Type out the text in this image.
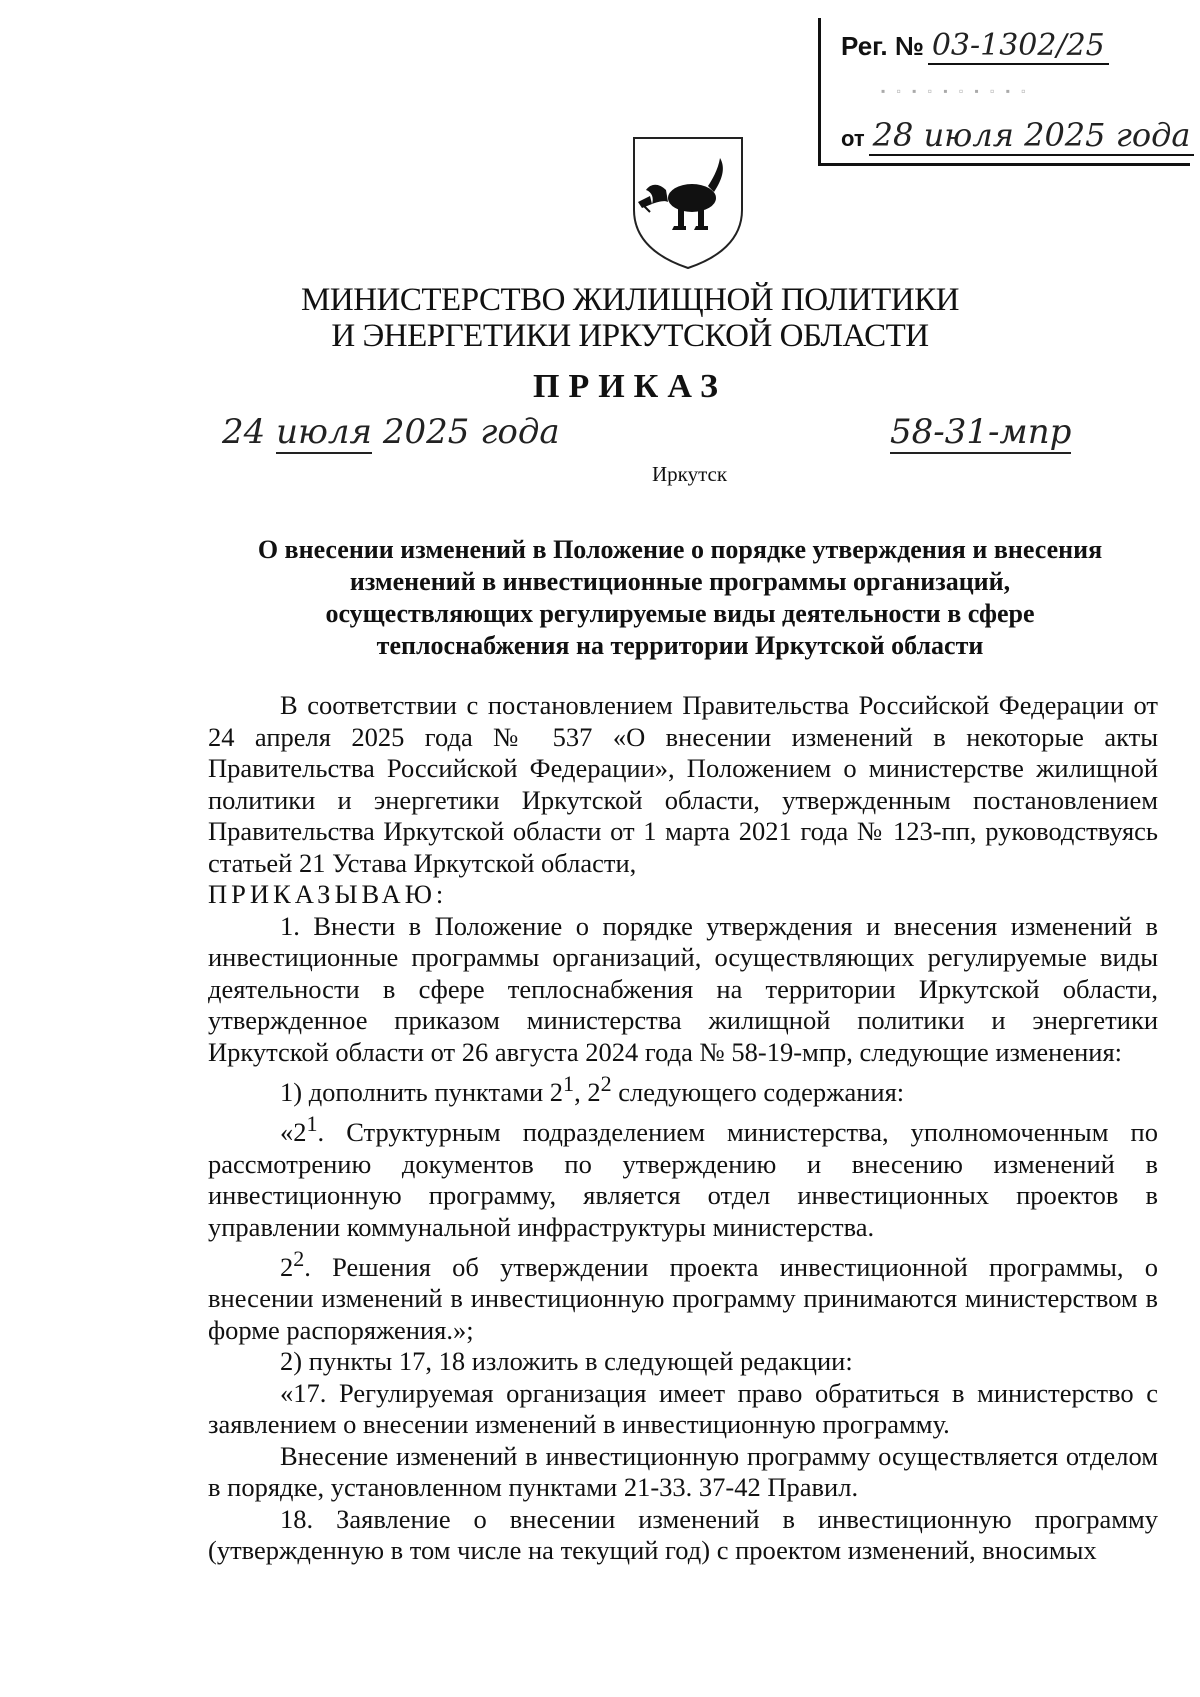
Рег. № 03-1302/25
▪ ▫ ▪ ▫ ▪ ▫ ▪ ▫ ▪ ▫
от 28 июля 2025 года
МИНИСТЕРСТВО ЖИЛИЩНОЙ ПОЛИТИКИ
И ЭНЕРГЕТИКИ ИРКУТСКОЙ ОБЛАСТИ
ПРИКАЗ
24 июля 2025 года	58-31-мпр
Иркутск
О внесении изменений в Положение о порядке утверждения и внесения
изменений в инвестиционные программы организаций,
осуществляющих регулируемые виды деятельности в сфере
теплоснабжения на территории Иркутской области

В соответствии с постановлением Правительства Российской Федерации от 24 апреля 2025 года № 537 «О внесении изменений в некоторые акты Правительства Российской Федерации», Положением о министерстве жилищной политики и энергетики Иркутской области, утвержденным постановлением Правительства Иркутской области от 1 марта 2021 года № 123-пп, руководствуясь статьей 21 Устава Иркутской области,

ПРИКАЗЫВАЮ:

1. Внести в Положение о порядке утверждения и внесения изменений в инвестиционные программы организаций, осуществляющих регулируемые виды деятельности в сфере теплоснабжения на территории Иркутской области, утвержденное приказом министерства жилищной политики и энергетики Иркутской области от 26 августа 2024 года № 58-19-мпр, следующие изменения:

1) дополнить пунктами $2^1$, $2^2$ следующего содержания:

«$2^1$. Структурным подразделением министерства, уполномоченным по рассмотрению документов по утверждению и внесению изменений в инвестиционную программу, является отдел инвестиционных проектов в управлении коммунальной инфраструктуры министерства.

$2^2$. Решения об утверждении проекта инвестиционной программы, о внесении изменений в инвестиционную программу принимаются министерством в форме распоряжения.»;

2) пункты 17, 18 изложить в следующей редакции:

«17. Регулируемая организация имеет право обратиться в министерство с заявлением о внесении изменений в инвестиционную программу.

Внесение изменений в инвестиционную программу осуществляется отделом в порядке, установленном пунктами 21-33. 37-42 Правил.

18. Заявление о внесении изменений в инвестиционную программу (утвержденную в том числе на текущий год) с проектом изменений, вносимых
